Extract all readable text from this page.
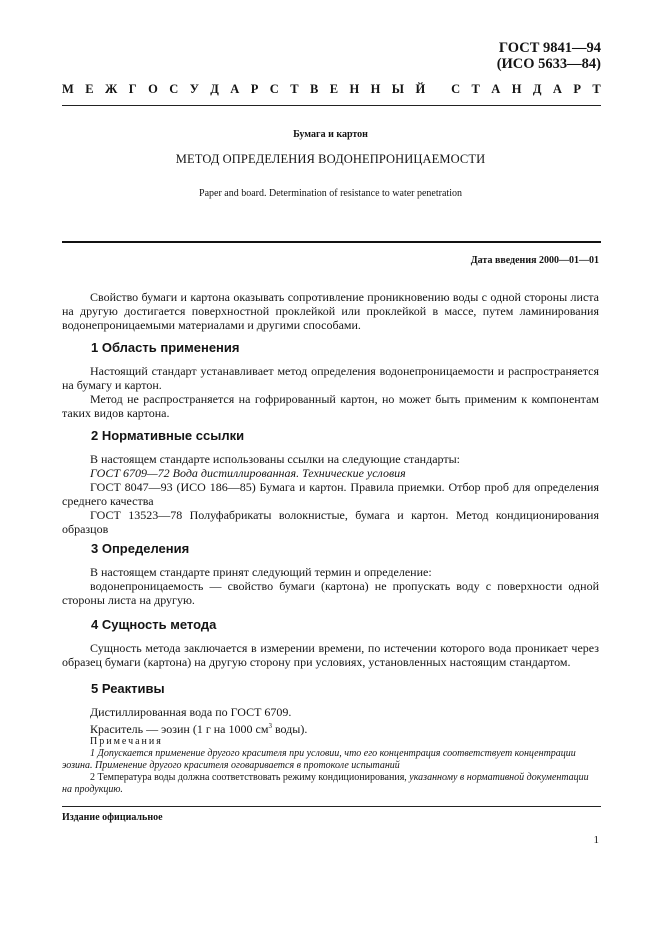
ГОСТ 9841—94
(ИСО 5633—84)
М Е Ж Г О С У Д А Р С Т В Е Н Н Ы Й
С Т А Н Д А Р Т
Бумага и картон
МЕТОД ОПРЕДЕЛЕНИЯ ВОДОНЕПРОНИЦАЕМОСТИ
Paper and board. Determination of resistance to water penetration
Дата введения 2000—01—01
Свойство бумаги и картона оказывать сопротивление проникновению воды с одной стороны листа на другую достигается поверхностной проклейкой или проклейкой в массе, путем ламинирования водонепроницаемыми материалами и другими способами.
1 Область применения
Настоящий стандарт устанавливает метод определения водонепроницаемости и распространяется на бумагу и картон.
Метод не распространяется на гофрированный картон, но может быть применим к компонентам таких видов картона.
2 Нормативные ссылки
В настоящем стандарте использованы ссылки на следующие стандарты:
ГОСТ 6709—72 Вода дистиллированная. Технические условия
ГОСТ 8047—93 (ИСО 186—85) Бумага и картон. Правила приемки. Отбор проб для определения среднего качества
ГОСТ 13523—78 Полуфабрикаты волокнистые, бумага и картон. Метод кондиционирования образцов
3 Определения
В настоящем стандарте принят следующий термин и определение:
водонепроницаемость — свойство бумаги (картона) не пропускать воду с поверхности одной стороны листа на другую.
4 Сущность метода
Сущность метода заключается в измерении времени, по истечении которого вода проникает через образец бумаги (картона) на другую сторону при условиях, установленных настоящим стандартом.
5 Реактивы
Дистиллированная вода по ГОСТ 6709.
Краситель — эозин (1 г на 1000 $см^3$ воды).
Примечания
1 Допускается применение другого красителя при условии, что его концентрация соответствует концентрации эозина. Применение другого красителя оговаривается в протоколе испытаний
2 Температура воды должна соответствовать режиму кондиционирования, указанному в нормативной документации на продукцию.
Издание официальное
1
